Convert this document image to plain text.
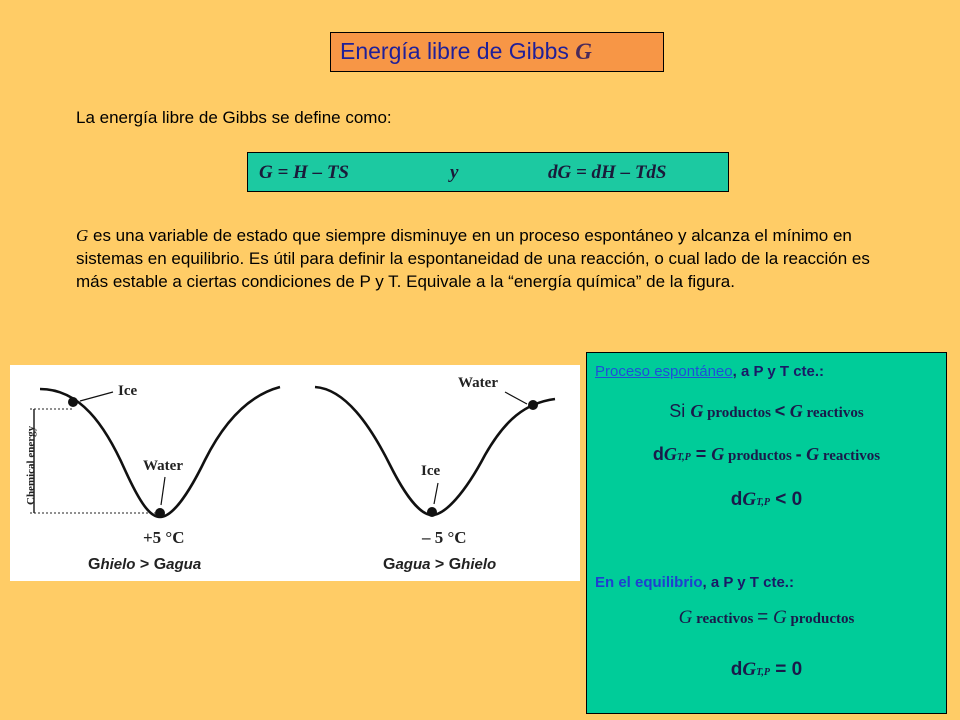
Energía libre de Gibbs G
La energía libre de Gibbs se define como:
G = H – TS	y	dG = dH – TdS
G es una variable de estado que siempre disminuye en un proceso espontáneo y alcanza el mínimo en sistemas en equilibrio. Es útil para definir la espontaneidad de una reacción, o cual lado de la reacción es más estable a ciertas condiciones de P y T. Equivale a la “energía química” de la figura.
Chemical energy
Ice
Water
+5 °C
Water
Ice
– 5 °C
Ghielo > Gagua	Gagua > Ghielo
Proceso espontáneo, a P y T cte.:
Si G productos < G reactivos
dGT,P = G productos - G reactivos
dGT,P < 0
En el equilibrio, a P y T cte.:
G reactivos = G productos
dGT,P = 0
